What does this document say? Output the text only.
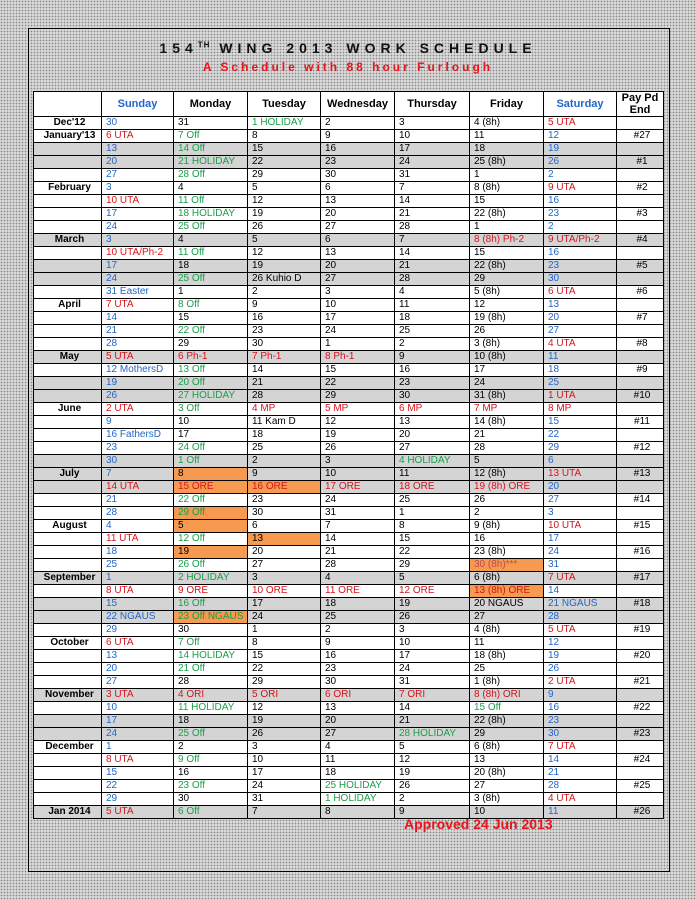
154TH WING 2013 WORK SCHEDULE
A Schedule with 88 hour Furlough
	Sunday	Monday	Tuesday	Wednesday	Thursday	Friday	Saturday	Pay Pd
End
Dec'12	30	31	1 HOLIDAY	2	3	4 (8h)	5 UTA	
January'13	6 UTA	7 Off	8	9	10	11	12	#27
	13	14 Off	15	16	17	18	19	
	20	21 HOLIDAY	22	23	24	25 (8h)	26	#1
	27	28 Off	29	30	31	1	2	
February	3	4	5	6	7	8 (8h)	9 UTA	#2
	10 UTA	11 Off	12	13	14	15	16	
	17	18 HOLIDAY	19	20	21	22 (8h)	23	#3
	24	25 Off	26	27	28	1	2	
March	3	4	5	6	7	8 (8h) Ph-2	9 UTA/Ph-2	#4
	10 UTA/Ph-2	11 Off	12	13	14	15	16	
	17	18	19	20	21	22 (8h)	23	#5
	24	25 Off	26 Kuhio D	27	28	29	30	
	31 Easter	1	2	3	4	5 (8h)	6 UTA	#6
April	7 UTA	8 Off	9	10	11	12	13	
	14	15	16	17	18	19 (8h)	20	#7
	21	22 Off	23	24	25	26	27	
	28	29	30	1	2	3 (8h)	4 UTA	#8
May	5 UTA	6 Ph-1	7 Ph-1	8 Ph-1	9	10 (8h)	11	
	12 MothersD	13 Off	14	15	16	17	18	#9
	19	20 Off	21	22	23	24	25	
	26	27 HOLIDAY	28	29	30	31 (8h)	1 UTA	#10
June	2 UTA	3 Off	4 MP	5 MP	6 MP	7 MP	8 MP	
	9	10	11 Kam D	12	13	14 (8h)	15	#11
	16 FathersD	17	18	19	20	21	22	
	23	24 Off	25	26	27	28	29	#12
	30	1 Off	2	3	4 HOLIDAY	5	6	
July	7	8	9	10	11	12 (8h)	13 UTA	#13
	14 UTA	15 ORE	16 ORE	17 ORE	18 ORE	19 (8h) ORE	20	
	21	22 Off	23	24	25	26	27	#14
	28	29 Off	30	31	1	2	3	
August	4	5	6	7	8	9 (8h)	10 UTA	#15
	11 UTA	12 Off	13	14	15	16	17	
	18	19	20	21	22	23 (8h)	24	#16
	25	26 Off	27	28	29	30 (8h)***	31	
September	1	2 HOLIDAY	3	4	5	6 (8h)	7 UTA	#17
	8 UTA	9 ORE	10 ORE	11 ORE	12 ORE	13 (8h) ORE	14	
	15	16 Off	17	18	19	20 NGAUS	21 NGAUS	#18
	22 NGAUS	23 Off NGAUS	24	25	26	27	28	
	29	30	1	2	3	4 (8h)	5 UTA	#19
October	6 UTA	7 Off	8	9	10	11	12	
	13	14 HOLIDAY	15	16	17	18 (8h)	19	#20
	20	21 Off	22	23	24	25	26	
	27	28	29	30	31	1 (8h)	2 UTA	#21
November	3 UTA	4 ORI	5 ORI	6 ORI	7 ORI	8 (8h) ORI	9	
	10	11 HOLIDAY	12	13	14	15 Off	16	#22
	17	18	19	20	21	22 (8h)	23	
	24	25 Off	26	27	28 HOLIDAY	29	30	#23
December	1	2	3	4	5	6 (8h)	7 UTA	
	8 UTA	9 Off	10	11	12	13	14	#24
	15	16	17	18	19	20 (8h)	21	
	22	23 Off	24	25 HOLIDAY	26	27	28	#25
	29	30	31	1 HOLIDAY	2	3 (8h)	4 UTA	
Jan 2014	5 UTA	6 Off	7	8	9	10	11	#26
Approved 24 Jun 2013
